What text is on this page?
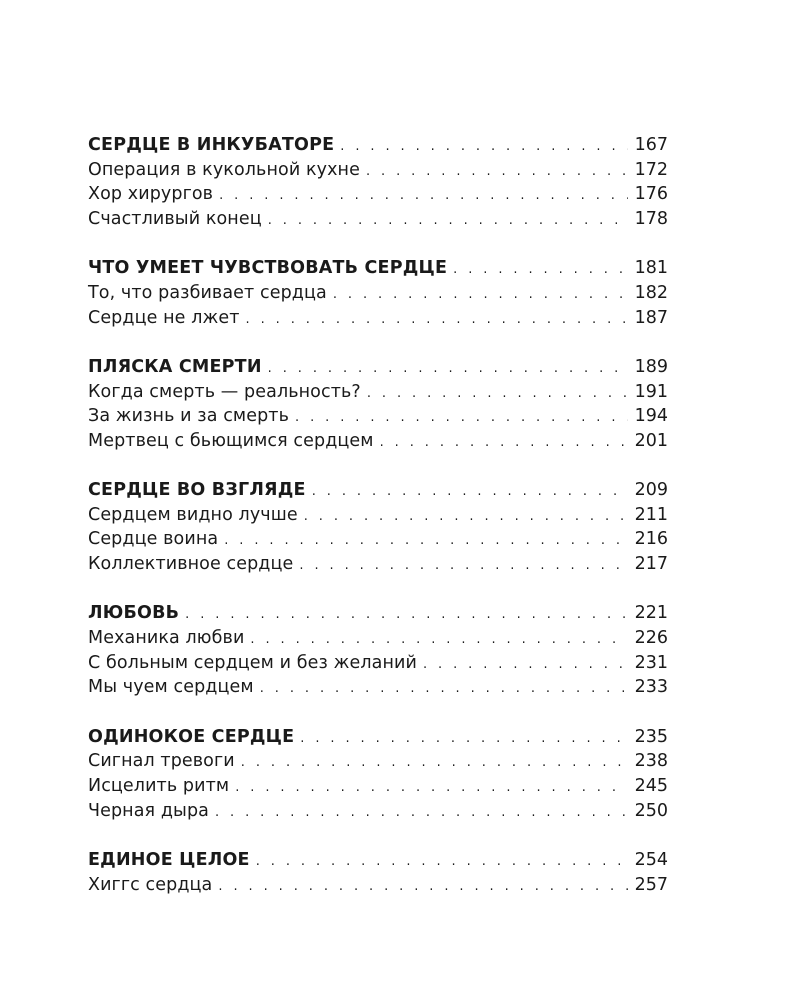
СЕРДЦЕ В ИНКУБАТОРЕ . . .	167
Операция в кукольной кухне . . .	172
Хор хирургов . . .	176
Счастливый конец . . .	178
ЧТО УМЕЕТ ЧУВСТВОВАТЬ СЕРДЦЕ . . .	181
То, что разбивает сердца . . .	182
Сердце не лжет . . .	187
ПЛЯСКА СМЕРТИ . . .	189
Когда смерть — реальность? . . .	191
За жизнь и за смерть . . .	194
Мертвец с бьющимся сердцем . . .	201
СЕРДЦЕ ВО ВЗГЛЯДЕ . . .	209
Сердцем видно лучше . . .	211
Сердце воина . . .	216
Коллективное сердце . . .	217
ЛЮБОВЬ . . .	221
Механика любви . . .	226
С больным сердцем и без желаний . . .	231
Мы чуем сердцем . . .	233
ОДИНОКОЕ СЕРДЦЕ . . .	235
Сигнал тревоги . . .	238
Исцелить ритм . . .	245
Черная дыра . . .	250
ЕДИНОЕ ЦЕЛОЕ . . .	254
Хиггс сердца . . .	257
